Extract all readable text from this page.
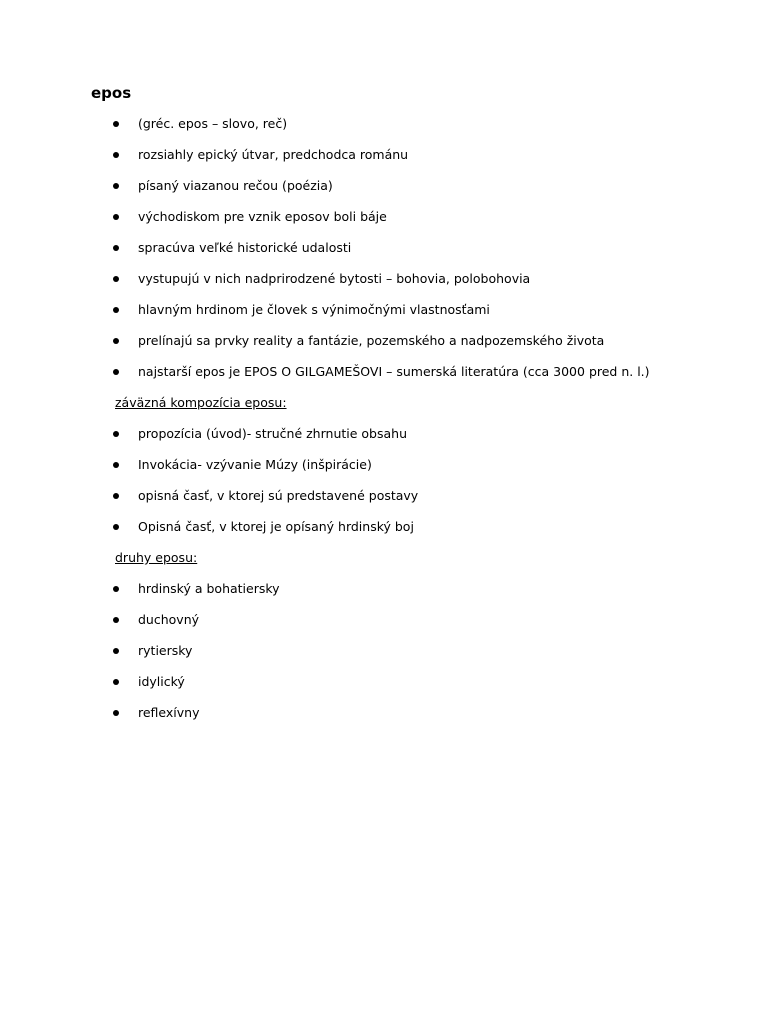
epos
(gréc. epos – slovo, reč)
rozsiahly epický útvar, predchodca románu
písaný viazanou rečou (poézia)
východiskom pre vznik eposov boli báje
spracúva veľké historické udalosti
vystupujú v nich nadprirodzené bytosti – bohovia, polobohovia
hlavným hrdinom je človek s výnimočnými vlastnosťami
prelínajú sa prvky reality a fantázie, pozemského a nadpozemského života
najstarší epos je EPOS O GILGAMEŠOVI – sumerská literatúra (cca 3000 pred n. l.)
záväzná kompozícia eposu:
propozícia (úvod)- stručné zhrnutie obsahu
Invokácia- vzývanie Múzy (inšpirácie)
opisná časť, v ktorej sú predstavené postavy
Opisná časť, v ktorej je opísaný hrdinský boj
druhy eposu:
hrdinský a bohatiersky
duchovný
rytiersky
idylický
reflexívny
